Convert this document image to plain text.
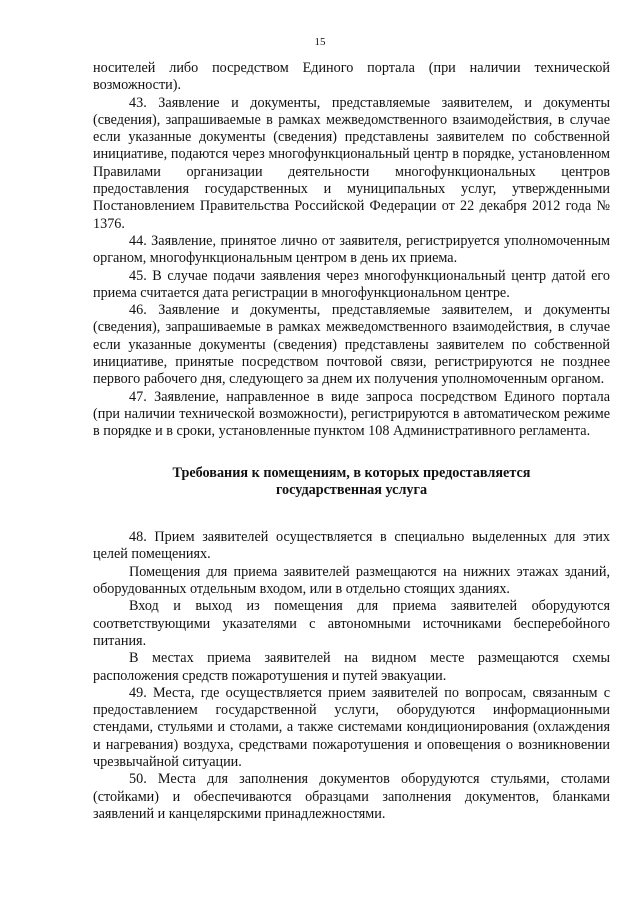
15

носителей либо посредством Единого портала (при наличии технической возможности).

43. Заявление и документы, представляемые заявителем, и документы (сведения), запрашиваемые в рамках межведомственного взаимодействия, в случае если указанные документы (сведения) представлены заявителем по собственной инициативе, подаются через многофункциональный центр в порядке, установленном Правилами организации деятельности многофункциональных центров предоставления государственных и муниципальных услуг, утвержденными Постановлением Правительства Российской Федерации от 22 декабря 2012 года № 1376.

44. Заявление, принятое лично от заявителя, регистрируется уполномоченным органом, многофункциональным центром в день их приема.

45. В случае подачи заявления через многофункциональный центр датой его приема считается дата регистрации в многофункциональном центре.

46. Заявление и документы, представляемые заявителем, и документы (сведения), запрашиваемые в рамках межведомственного взаимодействия, в случае если указанные документы (сведения) представлены заявителем по собственной инициативе, принятые посредством почтовой связи, регистрируются не позднее первого рабочего дня, следующего за днем их получения уполномоченным органом.

47. Заявление, направленное в виде запроса посредством Единого портала (при наличии технической возможности), регистрируются в автоматическом режиме в порядке и в сроки, установленные пунктом 108 Административного регламента.

Требования к помещениям, в которых предоставляется
государственная услуга

48. Прием заявителей осуществляется в специально выделенных для этих целей помещениях.

Помещения для приема заявителей размещаются на нижних этажах зданий, оборудованных отдельным входом, или в отдельно стоящих зданиях.

Вход и выход из помещения для приема заявителей оборудуются соответствующими указателями с автономными источниками бесперебойного питания.

В местах приема заявителей на видном месте размещаются схемы расположения средств пожаротушения и путей эвакуации.

49. Места, где осуществляется прием заявителей по вопросам, связанным с предоставлением государственной услуги, оборудуются информационными стендами, стульями и столами, а также системами кондиционирования (охлаждения и нагревания) воздуха, средствами пожаротушения и оповещения о возникновении чрезвычайной ситуации.

50. Места для заполнения документов оборудуются стульями, столами (стойками) и обеспечиваются образцами заполнения документов, бланками заявлений и канцелярскими принадлежностями.
